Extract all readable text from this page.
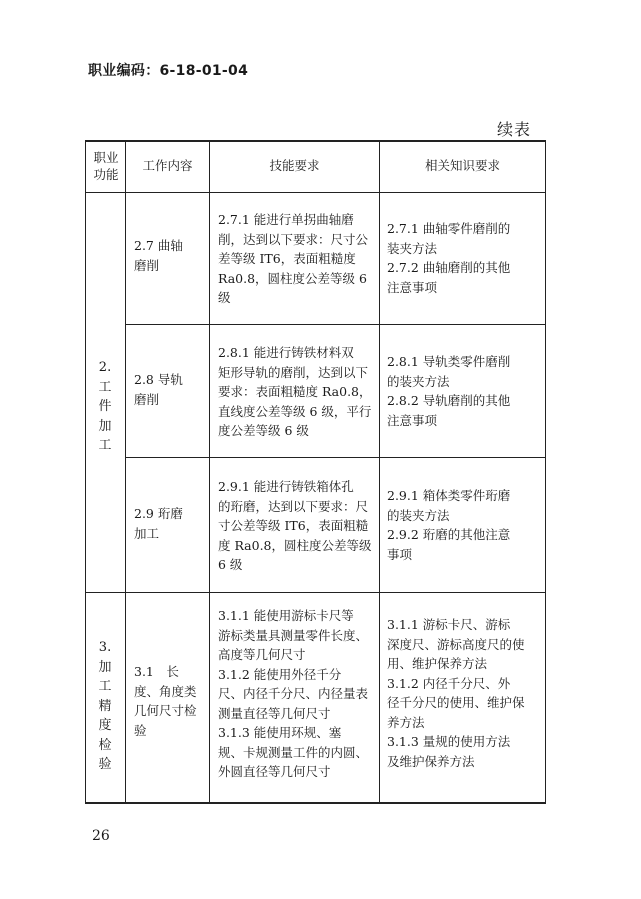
职业编码：6-18-01-04
续表
职业
功能
工作内容	技能要求	相关知识要求
2.
工
件
加
工

2.7 曲轴
磨削

2.7.1 能进行单拐曲轴磨
削，达到以下要求：尺寸公
差等级 IT6，表面粗糙度
Ra0.8，圆柱度公差等级 6
级

2.7.1 曲轴零件磨削的
装夹方法
2.7.2 曲轴磨削的其他
注意事项

2.8 导轨
磨削

2.8.1 能进行铸铁材料双
矩形导轨的磨削，达到以下
要求：表面粗糙度 Ra0.8，
直线度公差等级 6 级，平行
度公差等级 6 级

2.8.1 导轨类零件磨削
的装夹方法
2.8.2 导轨磨削的其他
注意事项

2.9 珩磨
加工

2.9.1 能进行铸铁箱体孔
的珩磨，达到以下要求：尺
寸公差等级 IT6，表面粗糙
度 Ra0.8，圆柱度公差等级
6 级

2.9.1 箱体类零件珩磨
的装夹方法
2.9.2 珩磨的其他注意
事项

3.
加
工
精
度
检
验

3.1　长
度、角度类
几何尺寸检
验

3.1.1 能使用游标卡尺等
游标类量具测量零件长度、
高度等几何尺寸
3.1.2 能使用外径千分
尺、内径千分尺、内径量表
测量直径等几何尺寸
3.1.3 能使用环规、塞
规、卡规测量工件的内圆、
外圆直径等几何尺寸

3.1.1 游标卡尺、游标
深度尺、游标高度尺的使
用、维护保养方法
3.1.2 内径千分尺、外
径千分尺的使用、维护保
养方法
3.1.3 量规的使用方法
及维护保养方法

26
